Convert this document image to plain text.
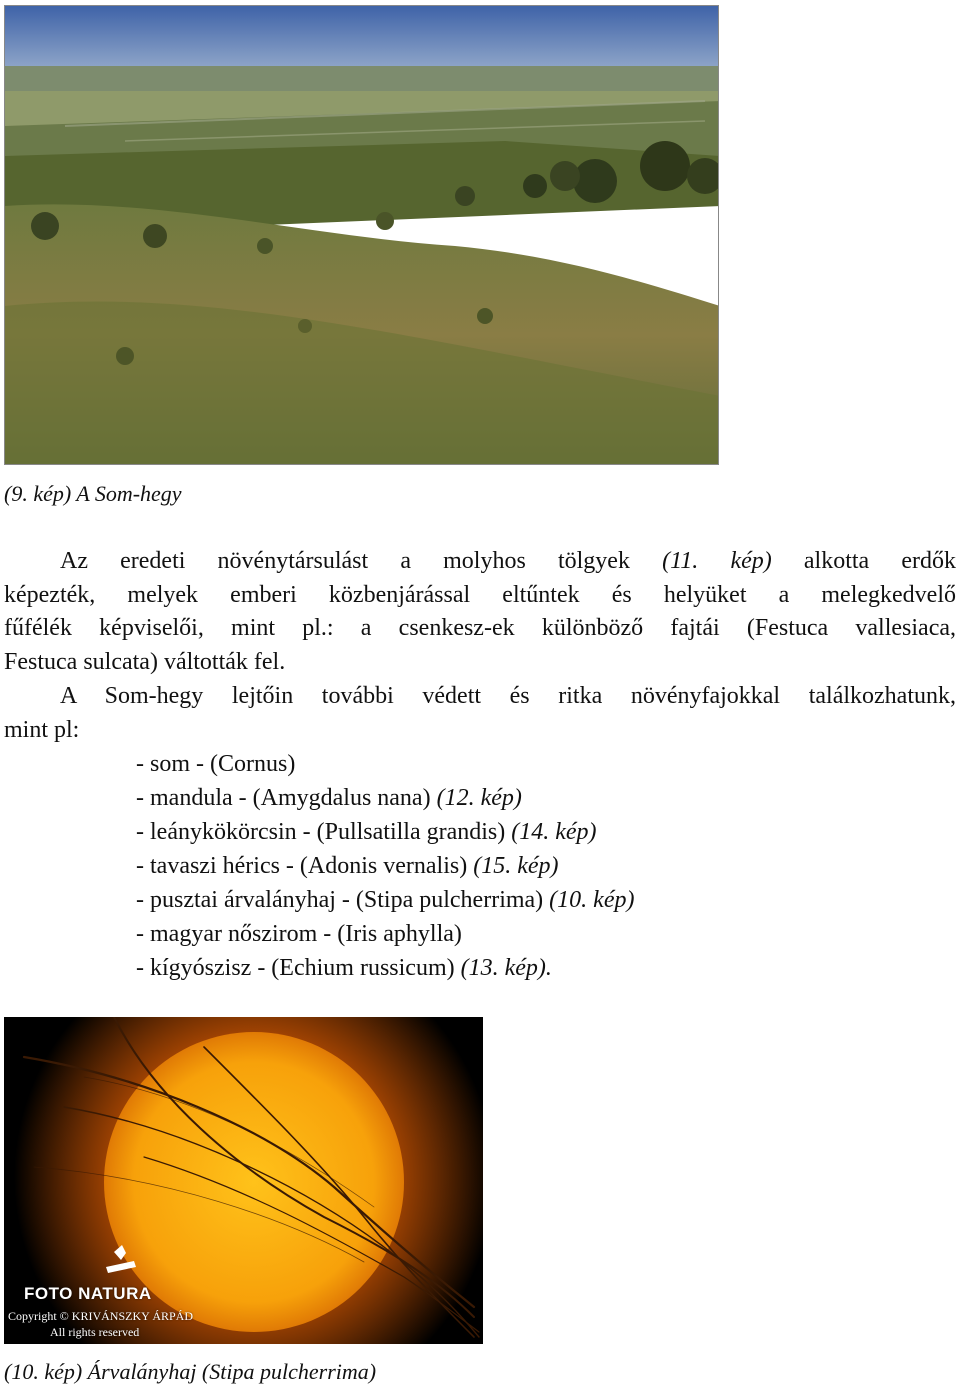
(9. kép) A Som-hegy
Az eredeti növénytársulást a molyhos tölgyek (11. kép) alkotta erdők
képezték, melyek emberi közbenjárással eltűntek és helyüket a melegkedvelő
fűfélék képviselői, mint pl.: a csenkesz-ek különböző fajtái (Festuca vallesiaca,
Festuca sulcata) váltották fel.
A Som-hegy lejtőin további védett és ritka növényfajokkal találkozhatunk,
mint pl:
- som - (Cornus)
- mandula - (Amygdalus nana) (12. kép)
- leánykökörcsin - (Pullsatilla grandis) (14. kép)
- tavaszi hérics - (Adonis vernalis) (15. kép)
- pusztai árvalányhaj - (Stipa pulcherrima) (10. kép)
- magyar nőszirom - (Iris aphylla)
- kígyószisz - (Echium russicum) (13. kép).
FOTO NATURA
Copyright © KRIVÁNSZKY ÁRPÁD
All rights reserved
(10. kép) Árvalányhaj (Stipa pulcherrima)
